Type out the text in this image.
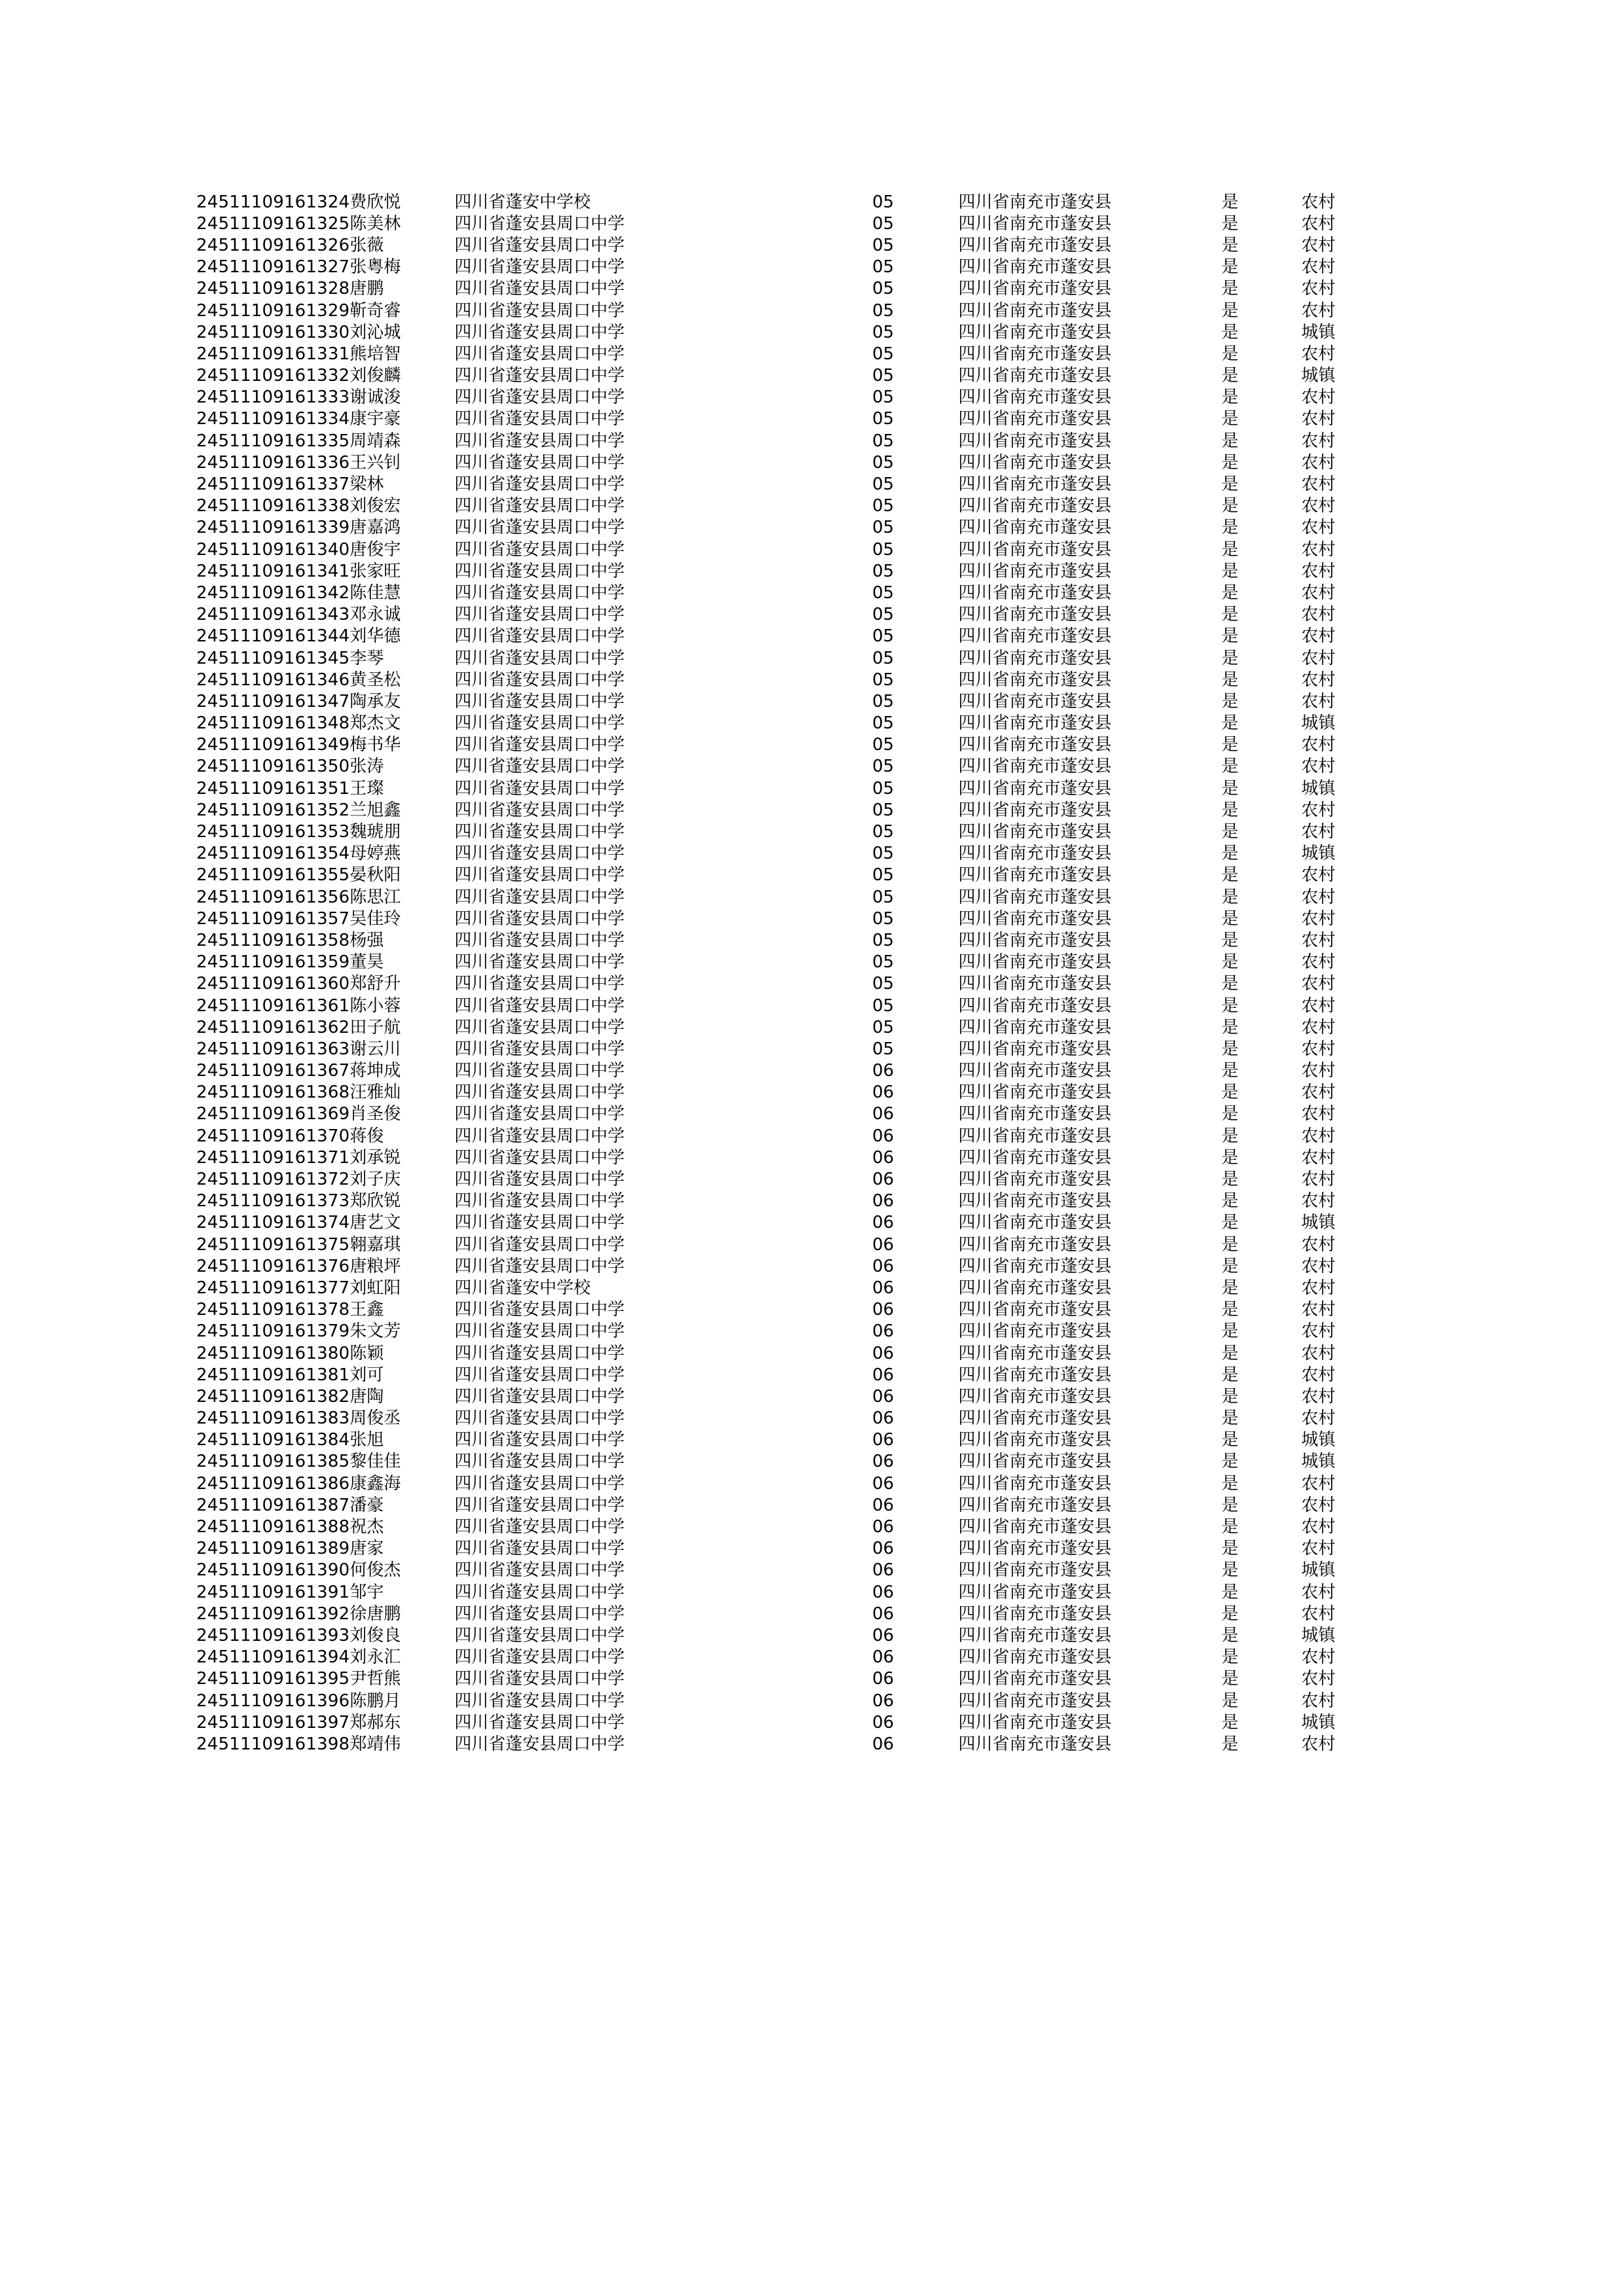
24511109161324	费欣悦	四川省蓬安中学校	05	四川省南充市蓬安县	是	农村
24511109161325	陈美林	四川省蓬安县周口中学	05	四川省南充市蓬安县	是	农村
24511109161326	张薇	四川省蓬安县周口中学	05	四川省南充市蓬安县	是	农村
24511109161327	张粤梅	四川省蓬安县周口中学	05	四川省南充市蓬安县	是	农村
24511109161328	唐鹏	四川省蓬安县周口中学	05	四川省南充市蓬安县	是	农村
24511109161329	靳奇睿	四川省蓬安县周口中学	05	四川省南充市蓬安县	是	农村
24511109161330	刘沁城	四川省蓬安县周口中学	05	四川省南充市蓬安县	是	城镇
24511109161331	熊培智	四川省蓬安县周口中学	05	四川省南充市蓬安县	是	农村
24511109161332	刘俊麟	四川省蓬安县周口中学	05	四川省南充市蓬安县	是	城镇
24511109161333	谢诚浚	四川省蓬安县周口中学	05	四川省南充市蓬安县	是	农村
24511109161334	康宇豪	四川省蓬安县周口中学	05	四川省南充市蓬安县	是	农村
24511109161335	周靖森	四川省蓬安县周口中学	05	四川省南充市蓬安县	是	农村
24511109161336	王兴钊	四川省蓬安县周口中学	05	四川省南充市蓬安县	是	农村
24511109161337	梁林	四川省蓬安县周口中学	05	四川省南充市蓬安县	是	农村
24511109161338	刘俊宏	四川省蓬安县周口中学	05	四川省南充市蓬安县	是	农村
24511109161339	唐嘉鸿	四川省蓬安县周口中学	05	四川省南充市蓬安县	是	农村
24511109161340	唐俊宇	四川省蓬安县周口中学	05	四川省南充市蓬安县	是	农村
24511109161341	张家旺	四川省蓬安县周口中学	05	四川省南充市蓬安县	是	农村
24511109161342	陈佳慧	四川省蓬安县周口中学	05	四川省南充市蓬安县	是	农村
24511109161343	邓永诚	四川省蓬安县周口中学	05	四川省南充市蓬安县	是	农村
24511109161344	刘华德	四川省蓬安县周口中学	05	四川省南充市蓬安县	是	农村
24511109161345	李琴	四川省蓬安县周口中学	05	四川省南充市蓬安县	是	农村
24511109161346	黄圣松	四川省蓬安县周口中学	05	四川省南充市蓬安县	是	农村
24511109161347	陶承友	四川省蓬安县周口中学	05	四川省南充市蓬安县	是	农村
24511109161348	郑杰文	四川省蓬安县周口中学	05	四川省南充市蓬安县	是	城镇
24511109161349	梅书华	四川省蓬安县周口中学	05	四川省南充市蓬安县	是	农村
24511109161350	张涛	四川省蓬安县周口中学	05	四川省南充市蓬安县	是	农村
24511109161351	王璨	四川省蓬安县周口中学	05	四川省南充市蓬安县	是	城镇
24511109161352	兰旭鑫	四川省蓬安县周口中学	05	四川省南充市蓬安县	是	农村
24511109161353	魏琥朋	四川省蓬安县周口中学	05	四川省南充市蓬安县	是	农村
24511109161354	母婷燕	四川省蓬安县周口中学	05	四川省南充市蓬安县	是	城镇
24511109161355	晏秋阳	四川省蓬安县周口中学	05	四川省南充市蓬安县	是	农村
24511109161356	陈思江	四川省蓬安县周口中学	05	四川省南充市蓬安县	是	农村
24511109161357	吴佳玲	四川省蓬安县周口中学	05	四川省南充市蓬安县	是	农村
24511109161358	杨强	四川省蓬安县周口中学	05	四川省南充市蓬安县	是	农村
24511109161359	董昊	四川省蓬安县周口中学	05	四川省南充市蓬安县	是	农村
24511109161360	郑舒升	四川省蓬安县周口中学	05	四川省南充市蓬安县	是	农村
24511109161361	陈小蓉	四川省蓬安县周口中学	05	四川省南充市蓬安县	是	农村
24511109161362	田子航	四川省蓬安县周口中学	05	四川省南充市蓬安县	是	农村
24511109161363	谢云川	四川省蓬安县周口中学	05	四川省南充市蓬安县	是	农村
24511109161367	蒋坤成	四川省蓬安县周口中学	06	四川省南充市蓬安县	是	农村
24511109161368	汪雅灿	四川省蓬安县周口中学	06	四川省南充市蓬安县	是	农村
24511109161369	肖圣俊	四川省蓬安县周口中学	06	四川省南充市蓬安县	是	农村
24511109161370	蒋俊	四川省蓬安县周口中学	06	四川省南充市蓬安县	是	农村
24511109161371	刘承锐	四川省蓬安县周口中学	06	四川省南充市蓬安县	是	农村
24511109161372	刘子庆	四川省蓬安县周口中学	06	四川省南充市蓬安县	是	农村
24511109161373	郑欣锐	四川省蓬安县周口中学	06	四川省南充市蓬安县	是	农村
24511109161374	唐艺文	四川省蓬安县周口中学	06	四川省南充市蓬安县	是	城镇
24511109161375	翱嘉琪	四川省蓬安县周口中学	06	四川省南充市蓬安县	是	农村
24511109161376	唐粮坪	四川省蓬安县周口中学	06	四川省南充市蓬安县	是	农村
24511109161377	刘虹阳	四川省蓬安中学校	06	四川省南充市蓬安县	是	农村
24511109161378	王鑫	四川省蓬安县周口中学	06	四川省南充市蓬安县	是	农村
24511109161379	朱文芳	四川省蓬安县周口中学	06	四川省南充市蓬安县	是	农村
24511109161380	陈颖	四川省蓬安县周口中学	06	四川省南充市蓬安县	是	农村
24511109161381	刘可	四川省蓬安县周口中学	06	四川省南充市蓬安县	是	农村
24511109161382	唐陶	四川省蓬安县周口中学	06	四川省南充市蓬安县	是	农村
24511109161383	周俊丞	四川省蓬安县周口中学	06	四川省南充市蓬安县	是	农村
24511109161384	张旭	四川省蓬安县周口中学	06	四川省南充市蓬安县	是	城镇
24511109161385	黎佳佳	四川省蓬安县周口中学	06	四川省南充市蓬安县	是	城镇
24511109161386	康鑫海	四川省蓬安县周口中学	06	四川省南充市蓬安县	是	农村
24511109161387	潘豪	四川省蓬安县周口中学	06	四川省南充市蓬安县	是	农村
24511109161388	祝杰	四川省蓬安县周口中学	06	四川省南充市蓬安县	是	农村
24511109161389	唐家	四川省蓬安县周口中学	06	四川省南充市蓬安县	是	农村
24511109161390	何俊杰	四川省蓬安县周口中学	06	四川省南充市蓬安县	是	城镇
24511109161391	邹宇	四川省蓬安县周口中学	06	四川省南充市蓬安县	是	农村
24511109161392	徐唐鹏	四川省蓬安县周口中学	06	四川省南充市蓬安县	是	农村
24511109161393	刘俊良	四川省蓬安县周口中学	06	四川省南充市蓬安县	是	城镇
24511109161394	刘永汇	四川省蓬安县周口中学	06	四川省南充市蓬安县	是	农村
24511109161395	尹哲熊	四川省蓬安县周口中学	06	四川省南充市蓬安县	是	农村
24511109161396	陈鹏月	四川省蓬安县周口中学	06	四川省南充市蓬安县	是	农村
24511109161397	郑郝东	四川省蓬安县周口中学	06	四川省南充市蓬安县	是	城镇
24511109161398	郑靖伟	四川省蓬安县周口中学	06	四川省南充市蓬安县	是	农村
